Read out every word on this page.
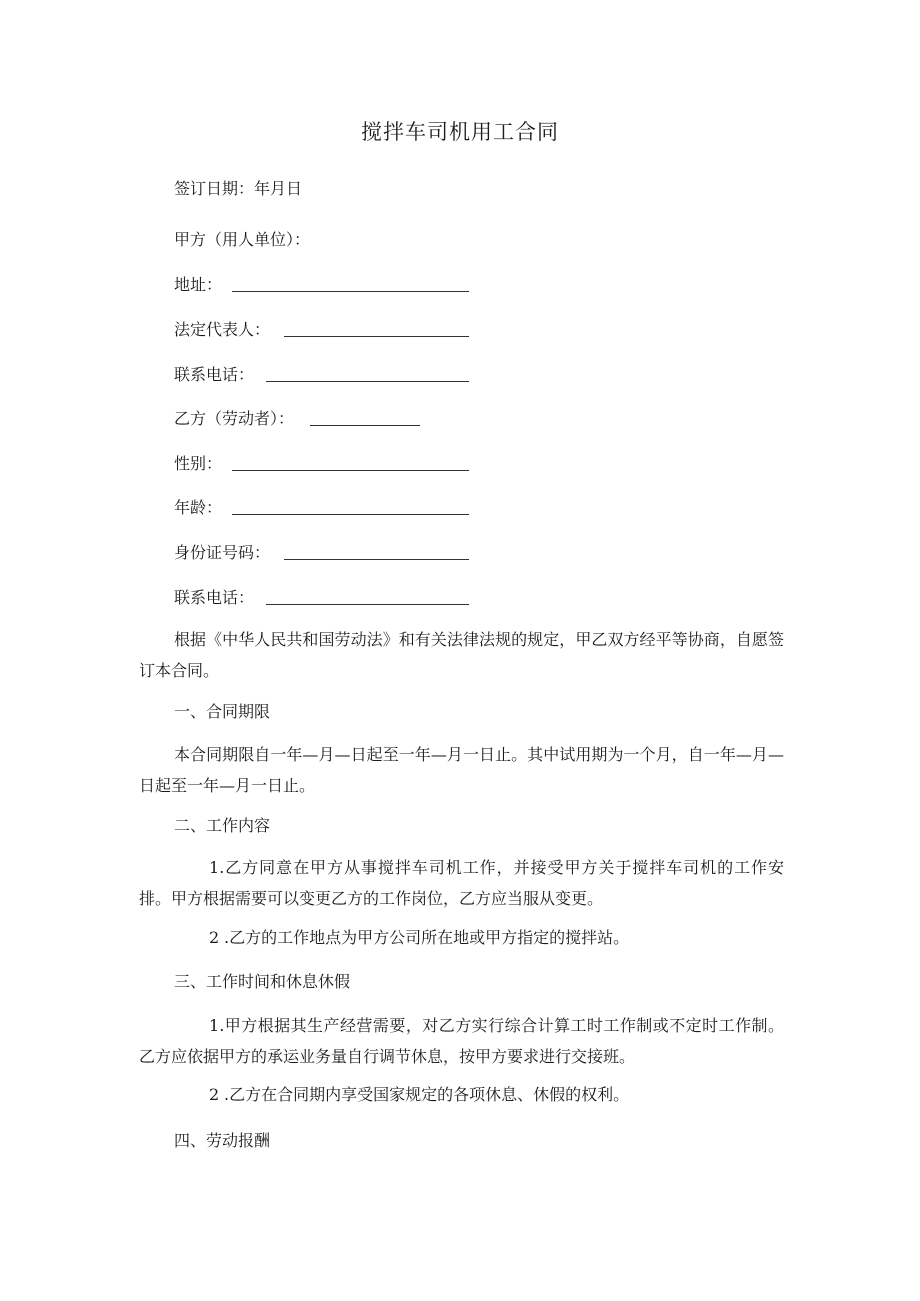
搅拌车司机用工合同
签订日期：年月日
甲方（用人单位）：
地址：
法定代表人：
联系电话：
乙方（劳动者）：
性别：
年龄：
身份证号码：
联系电话：
根据《中华人民共和国劳动法》和有关法律法规的规定，甲乙双方经平等协商，自愿签订本合同。
一、合同期限
本合同期限自一年—月—日起至一年—月一日止。其中试用期为一个月，自一年—月—日起至一年—月一日止。
二、工作内容
1.乙方同意在甲方从事搅拌车司机工作，并接受甲方关于搅拌车司机的工作安排。甲方根据需要可以变更乙方的工作岗位，乙方应当服从变更。
2 .乙方的工作地点为甲方公司所在地或甲方指定的搅拌站。
三、工作时间和休息休假
1.甲方根据其生产经营需要，对乙方实行综合计算工时工作制或不定时工作制。乙方应依据甲方的承运业务量自行调节休息，按甲方要求进行交接班。
2 .乙方在合同期内享受国家规定的各项休息、休假的权利。
四、劳动报酬
